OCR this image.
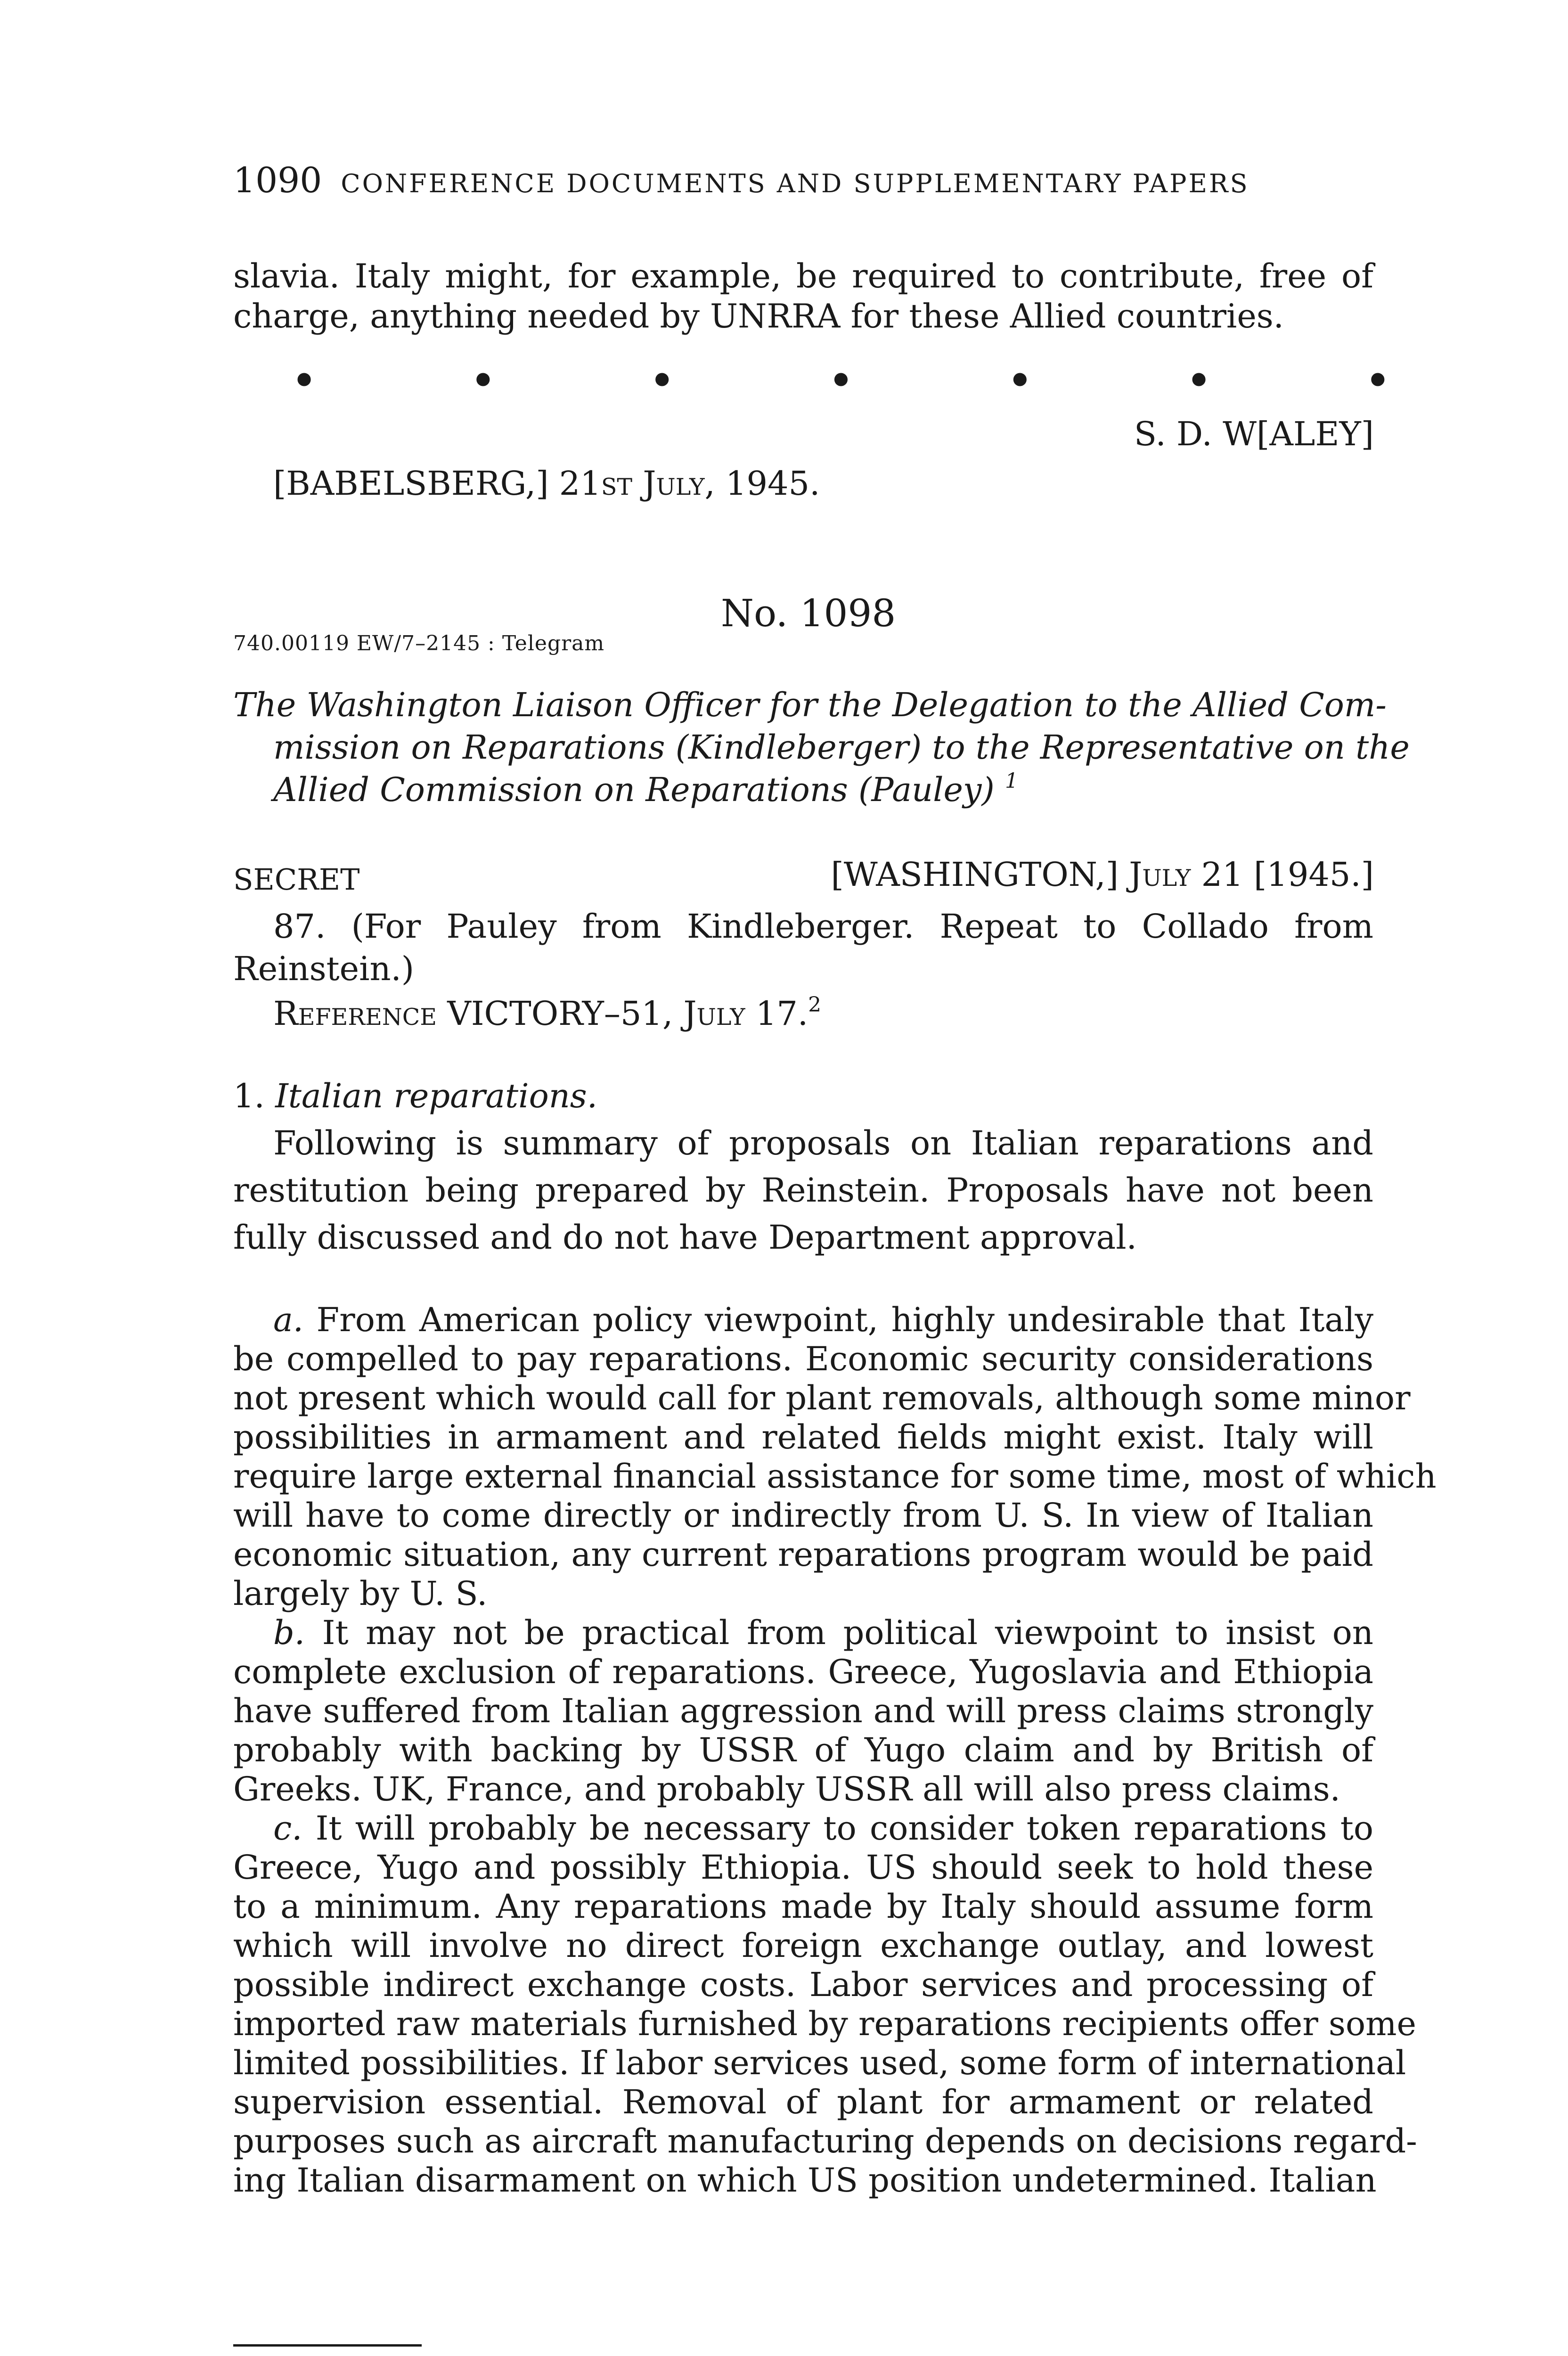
1090 CONFERENCE DOCUMENTS AND SUPPLEMENTARY PAPERS
slavia. Italy might, for example, be required to contribute, free of
charge, anything needed by UNRRA for these Allied countries.
•	•	•	•	•	•	•
S. D. W[ALEY]
[BABELSBERG,] 21st July, 1945.
740.00119 EW/7–2145 : Telegram
No. 1098
The Washington Liaison Officer for the Delegation to the Allied Com-
mission on Reparations (Kindleberger) to the Representative on the
Allied Commission on Reparations (Pauley) $^1$
SECRET	[WASHINGTON,] July 21 [1945.]
87. (For Pauley from Kindleberger. Repeat to Collado from
Reinstein.)
Reference VICTORY–51, July 17.$^2$
1. Italian reparations.
Following is summary of proposals on Italian reparations and
restitution being prepared by Reinstein. Proposals have not been
fully discussed and do not have Department approval.
a. From American policy viewpoint, highly undesirable that Italy
be compelled to pay reparations. Economic security considerations
not present which would call for plant removals, although some minor
possibilities in armament and related fields might exist. Italy will
require large external financial assistance for some time, most of which
will have to come directly or indirectly from U. S. In view of Italian
economic situation, any current reparations program would be paid
largely by U. S.
b. It may not be practical from political viewpoint to insist on
complete exclusion of reparations. Greece, Yugoslavia and Ethiopia
have suffered from Italian aggression and will press claims strongly
probably with backing by USSR of Yugo claim and by British of
Greeks. UK, France, and probably USSR all will also press claims.
c. It will probably be necessary to consider token reparations to
Greece, Yugo and possibly Ethiopia. US should seek to hold these
to a minimum. Any reparations made by Italy should assume form
which will involve no direct foreign exchange outlay, and lowest
possible indirect exchange costs. Labor services and processing of
imported raw materials furnished by reparations recipients offer some
limited possibilities. If labor services used, some form of international
supervision essential. Removal of plant for armament or related
purposes such as aircraft manufacturing depends on decisions regard-
ing Italian disarmament on which US position undetermined. Italian
